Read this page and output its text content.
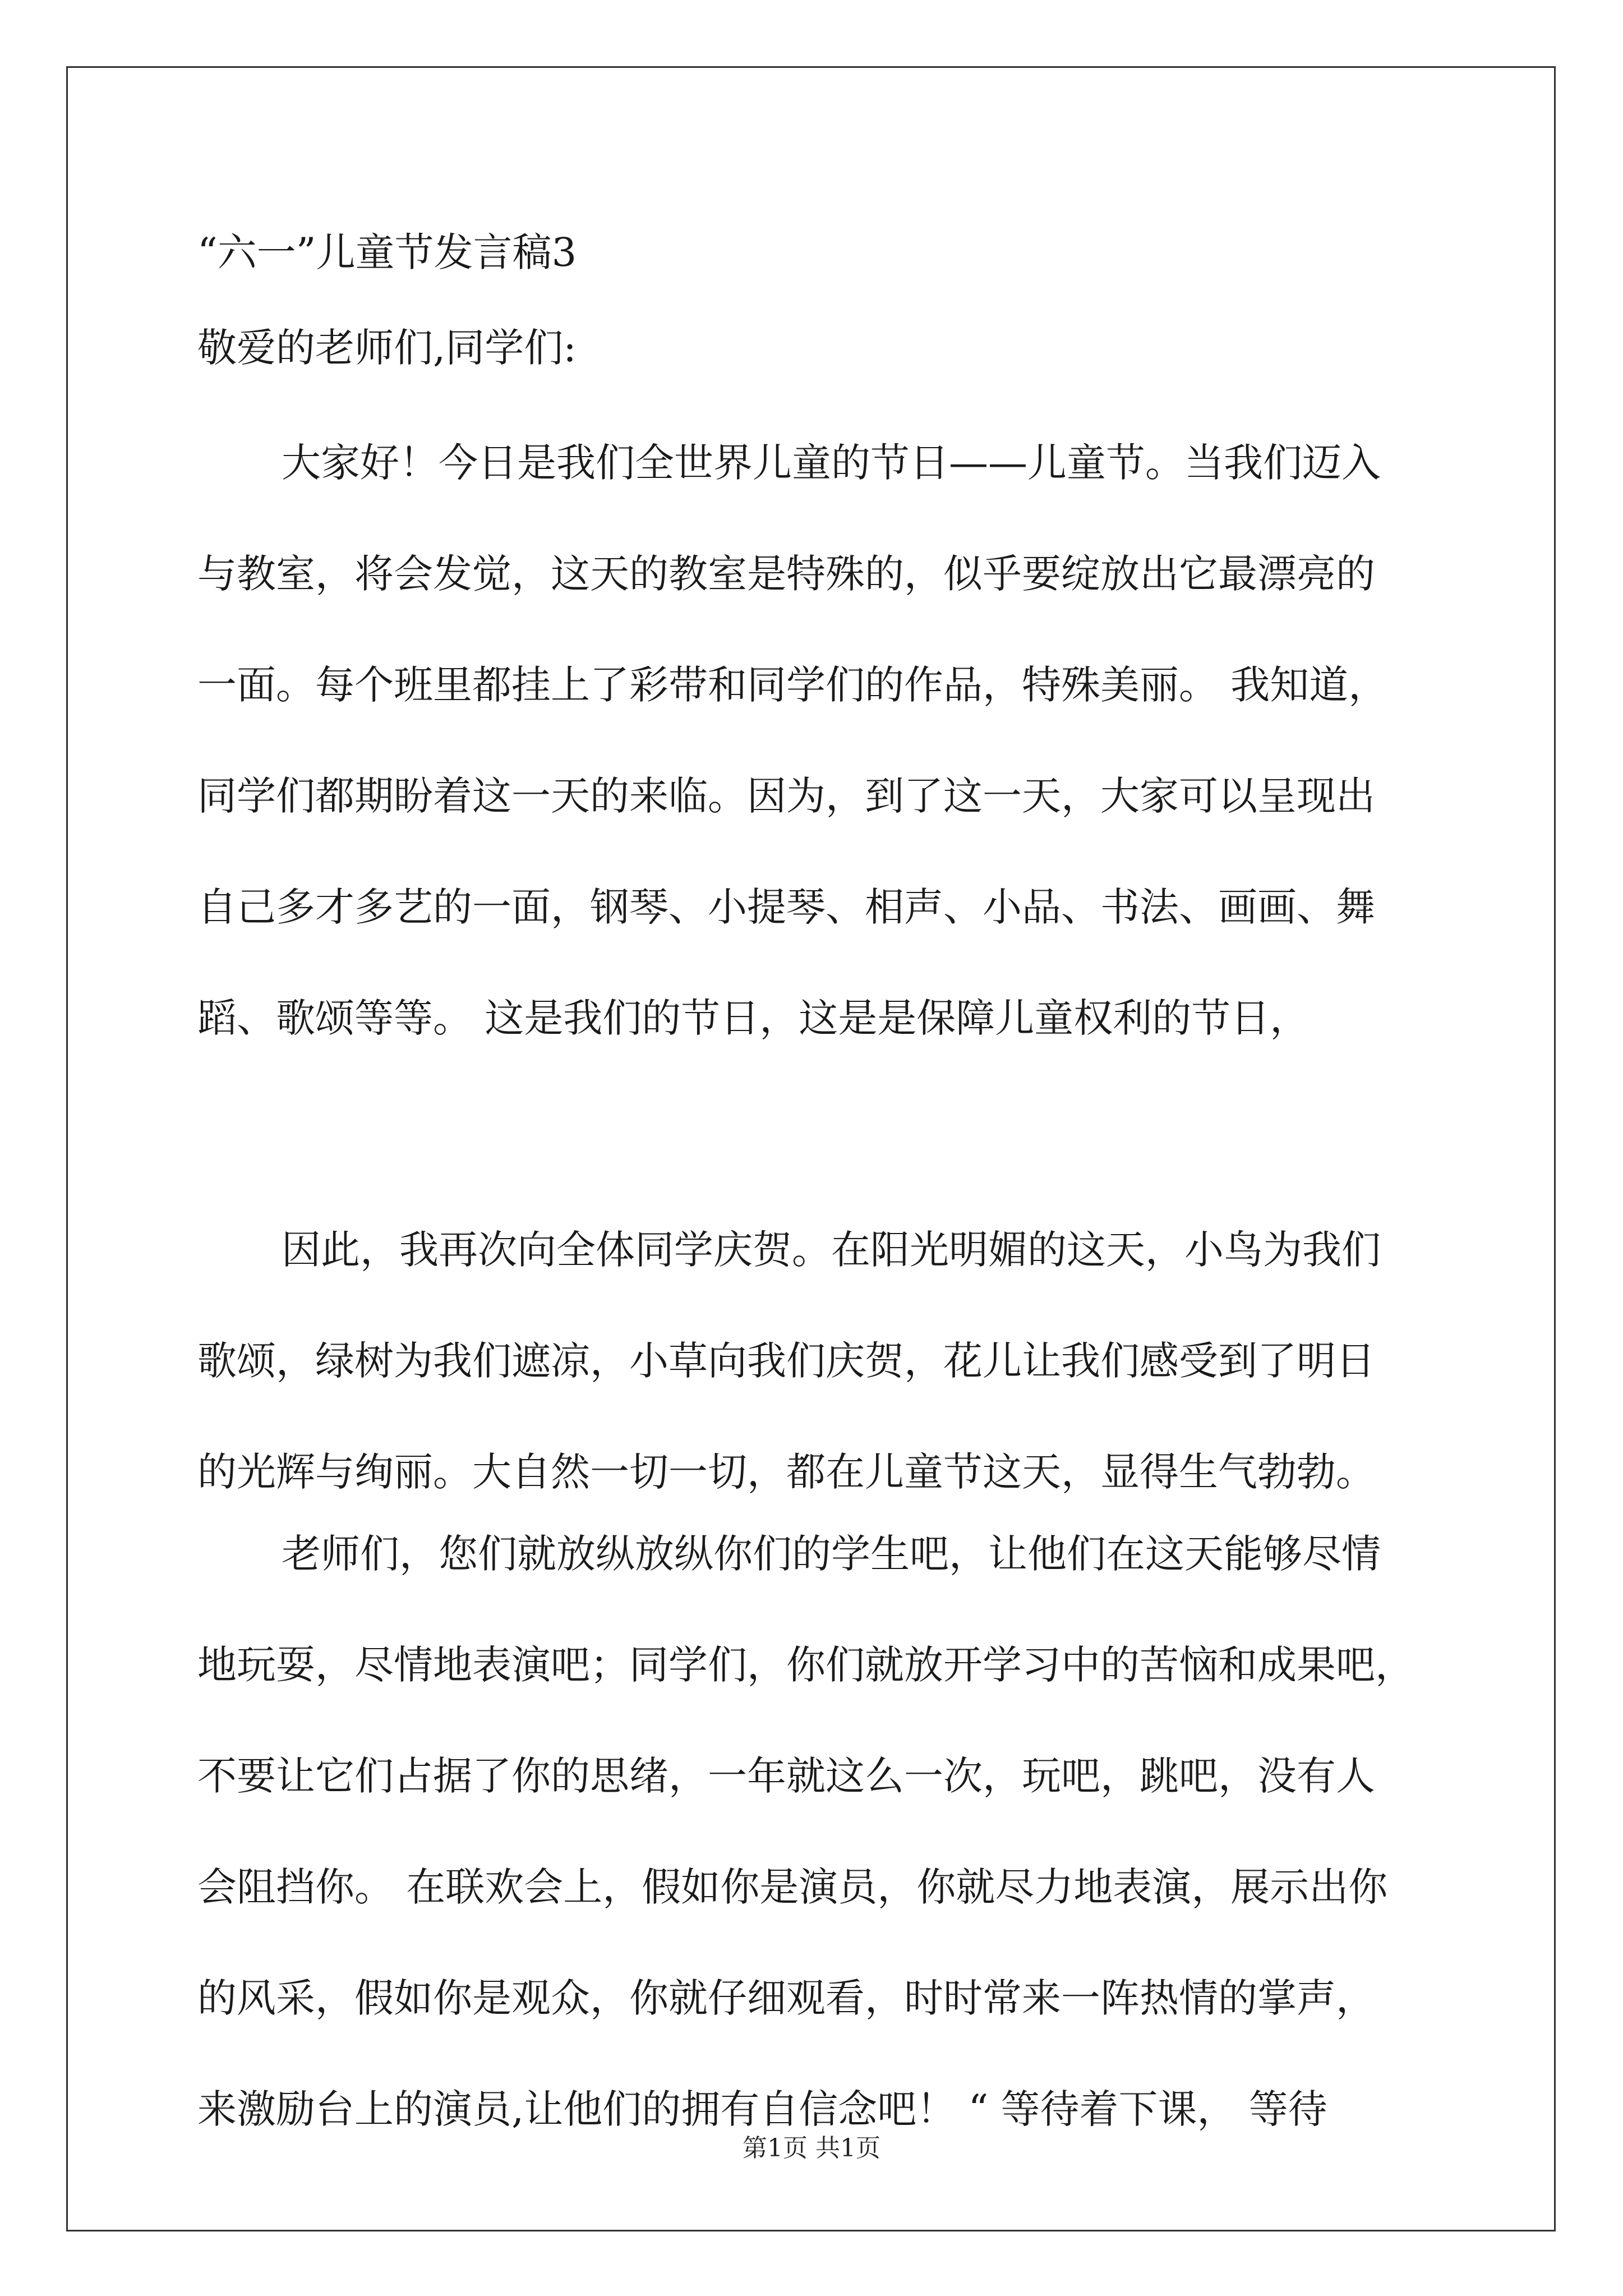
“六一”儿童节发言稿3
敬爱的老师们,同学们:
大家好！今日是我们全世界儿童的节日——儿童节。当我们迈入
与教室，将会发觉，这天的教室是特殊的，似乎要绽放出它最漂亮的
一面。每个班里都挂上了彩带和同学们的作品，特殊美丽。 我知道，
同学们都期盼着这一天的来临。因为，到了这一天，大家可以呈现出
自己多才多艺的一面，钢琴、小提琴、相声、小品、书法、画画、舞
蹈、歌颂等等。 这是我们的节日，这是是保障儿童权利的节日，
因此，我再次向全体同学庆贺。在阳光明媚的这天，小鸟为我们
歌颂，绿树为我们遮凉，小草向我们庆贺，花儿让我们感受到了明日
的光辉与绚丽。大自然一切一切，都在儿童节这天，显得生气勃勃。
老师们，您们就放纵放纵你们的学生吧，让他们在这天能够尽情
地玩耍，尽情地表演吧；同学们，你们就放开学习中的苦恼和成果吧，
不要让它们占据了你的思绪，一年就这么一次，玩吧，跳吧，没有人
会阻挡你。 在联欢会上，假如你是演员，你就尽力地表演，展示出你
的风采，假如你是观众，你就仔细观看，时时常来一阵热情的掌声，
来激励台上的演员,让他们的拥有自信念吧！ “ 等待着下课， 等待
第1页 共1页
